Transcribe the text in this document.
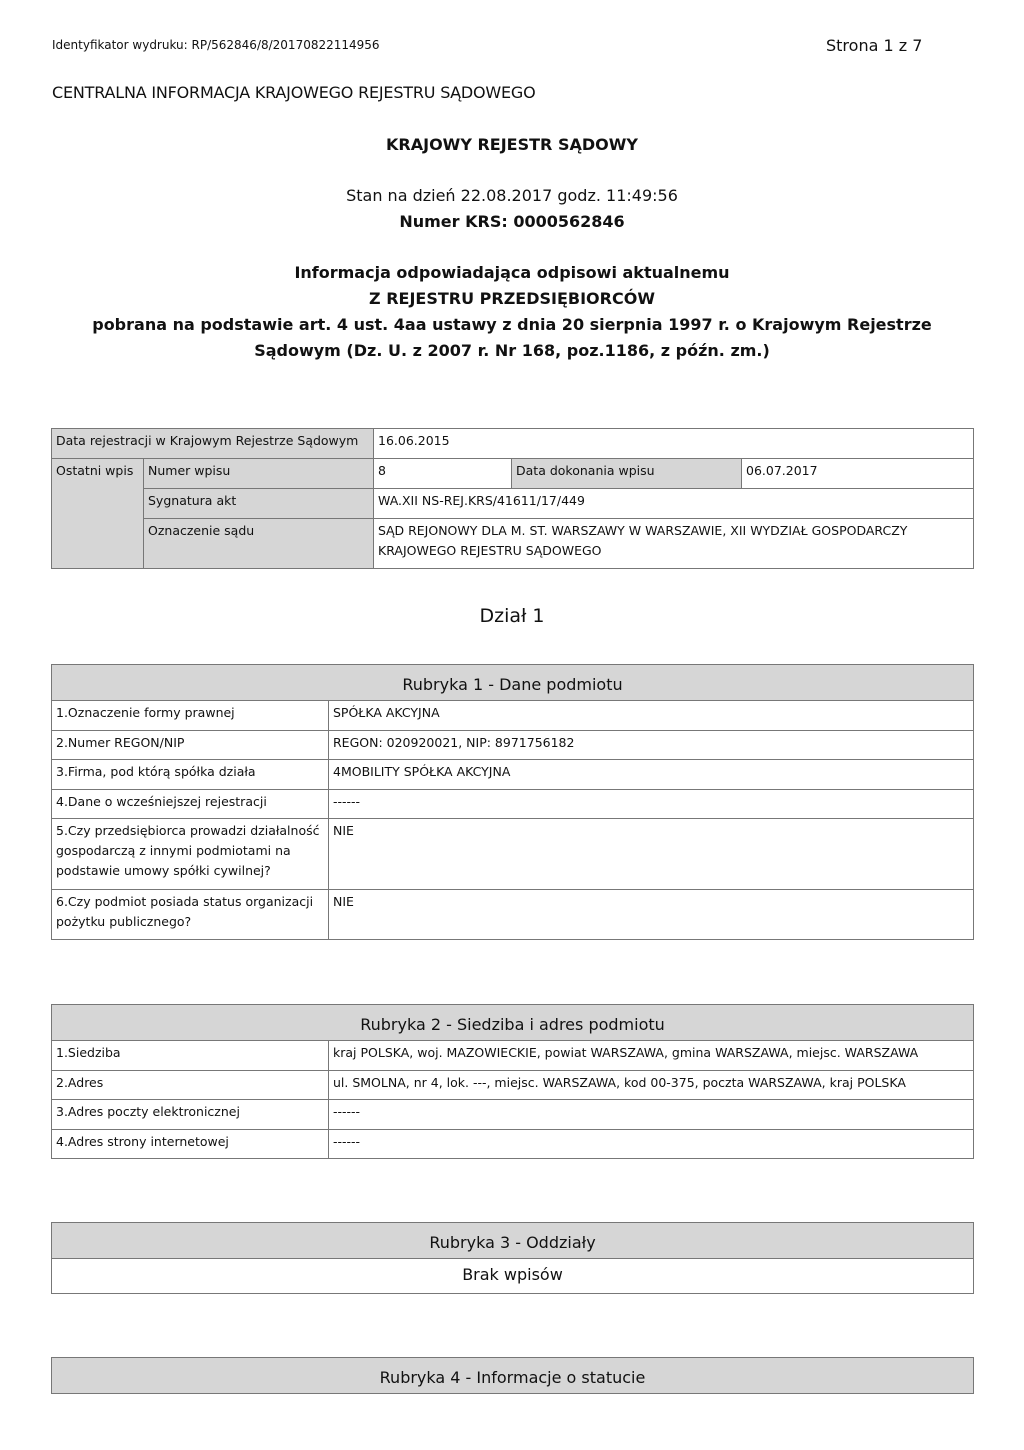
Identyfikator wydruku: RP/562846/8/20170822114956	Strona 1 z 7
CENTRALNA INFORMACJA KRAJOWEGO REJESTRU SĄDOWEGO
KRAJOWY REJESTR SĄDOWY
Stan na dzień 22.08.2017 godz. 11:49:56
Numer KRS: 0000562846
Informacja odpowiadająca odpisowi aktualnemu
Z REJESTRU PRZEDSIĘBIORCÓW
pobrana na podstawie art. 4 ust. 4aa ustawy z dnia 20 sierpnia 1997 r. o Krajowym Rejestrze
Sądowym (Dz. U. z 2007 r. Nr 168, poz.1186, z późn. zm.)
Data rejestracji w Krajowym Rejestrze Sądowym		16.06.2015		
Ostatni wpis	Numer wpisu	8	Data dokonania wpisu	06.07.2017
	Sygnatura akt	WA.XII NS-REJ.KRS/41611/17/449		
	Oznaczenie sądu	SĄD REJONOWY DLA M. ST. WARSZAWY W WARSZAWIE, XII WYDZIAŁ GOSPODARCZY
KRAJOWEGO REJESTRU SĄDOWEGO		
Dział 1
Rubryka 1 - Dane podmiotu	
1.Oznaczenie formy prawnej	SPÓŁKA AKCYJNA
2.Numer REGON/NIP	REGON: 020920021, NIP: 8971756182
3.Firma, pod którą spółka działa	4MOBILITY SPÓŁKA AKCYJNA
4.Dane o wcześniejszej rejestracji	------
5.Czy przedsiębiorca prowadzi działalność gospodarczą z innymi podmiotami na podstawie umowy spółki cywilnej?	NIE
6.Czy podmiot posiada status organizacji pożytku publicznego?	NIE
Rubryka 2 - Siedziba i adres podmiotu	
1.Siedziba	kraj POLSKA, woj. MAZOWIECKIE, powiat WARSZAWA, gmina WARSZAWA, miejsc. WARSZAWA
2.Adres	ul. SMOLNA, nr 4, lok. ---, miejsc. WARSZAWA, kod 00-375, poczta WARSZAWA, kraj POLSKA
3.Adres poczty elektronicznej	------
4.Adres strony internetowej	------
Rubryka 3 - Oddziały
Brak wpisów
Rubryka 4 - Informacje o statucie
